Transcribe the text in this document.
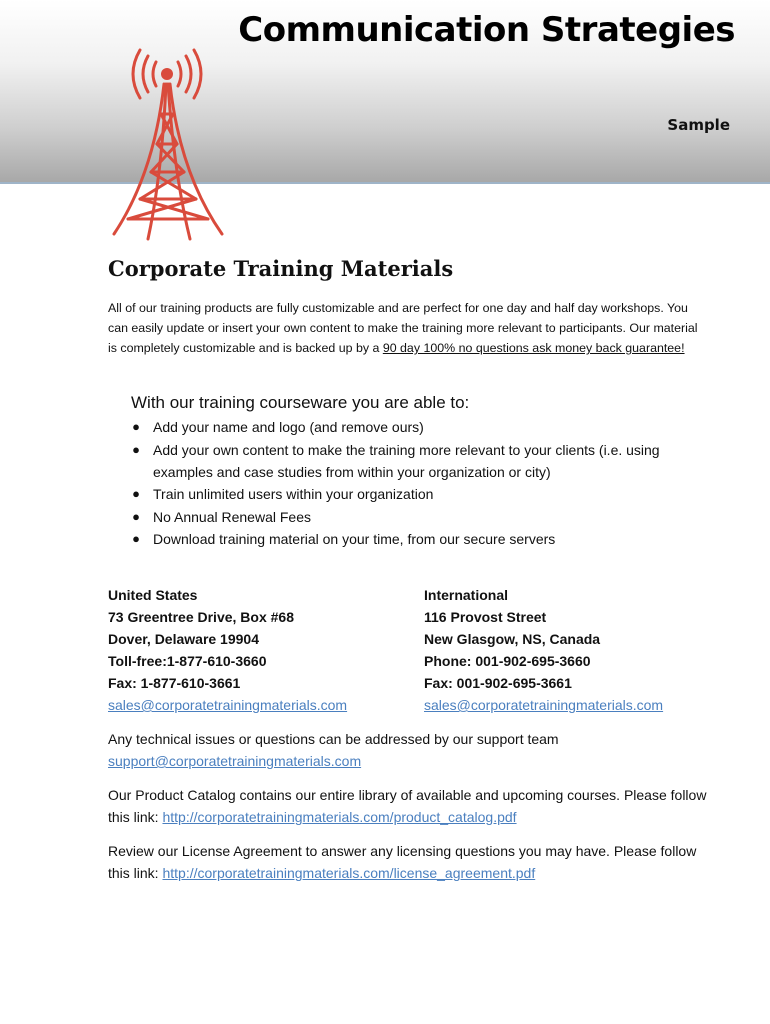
Communication Strategies
Sample
Corporate Training Materials
All of our training products are fully customizable and are perfect for one day and half day workshops. You can easily update or insert your own content to make the training more relevant to participants. Our material is completely customizable and is backed up by a 90 day 100% no questions ask money back guarantee!
With our training courseware you are able to:
● Add your name and logo (and remove ours)
● Add your own content to make the training more relevant to your clients (i.e. using examples and case studies from within your organization or city)
● Train unlimited users within your organization
● No Annual Renewal Fees
● Download training material on your time, from our secure servers
United States
73 Greentree Drive, Box #68
Dover, Delaware 19904
Toll-free:1-877-610-3660
Fax: 1-877-610-3661
sales@corporatetrainingmaterials.com
International
116 Provost Street
New Glasgow, NS, Canada
Phone: 001-902-695-3660
Fax: 001-902-695-3661
sales@corporatetrainingmaterials.com
Any technical issues or questions can be addressed by our support team
support@corporatetrainingmaterials.com
Our Product Catalog contains our entire library of available and upcoming courses. Please follow this link: http://corporatetrainingmaterials.com/product_catalog.pdf
Review our License Agreement to answer any licensing questions you may have. Please follow this link: http://corporatetrainingmaterials.com/license_agreement.pdf
